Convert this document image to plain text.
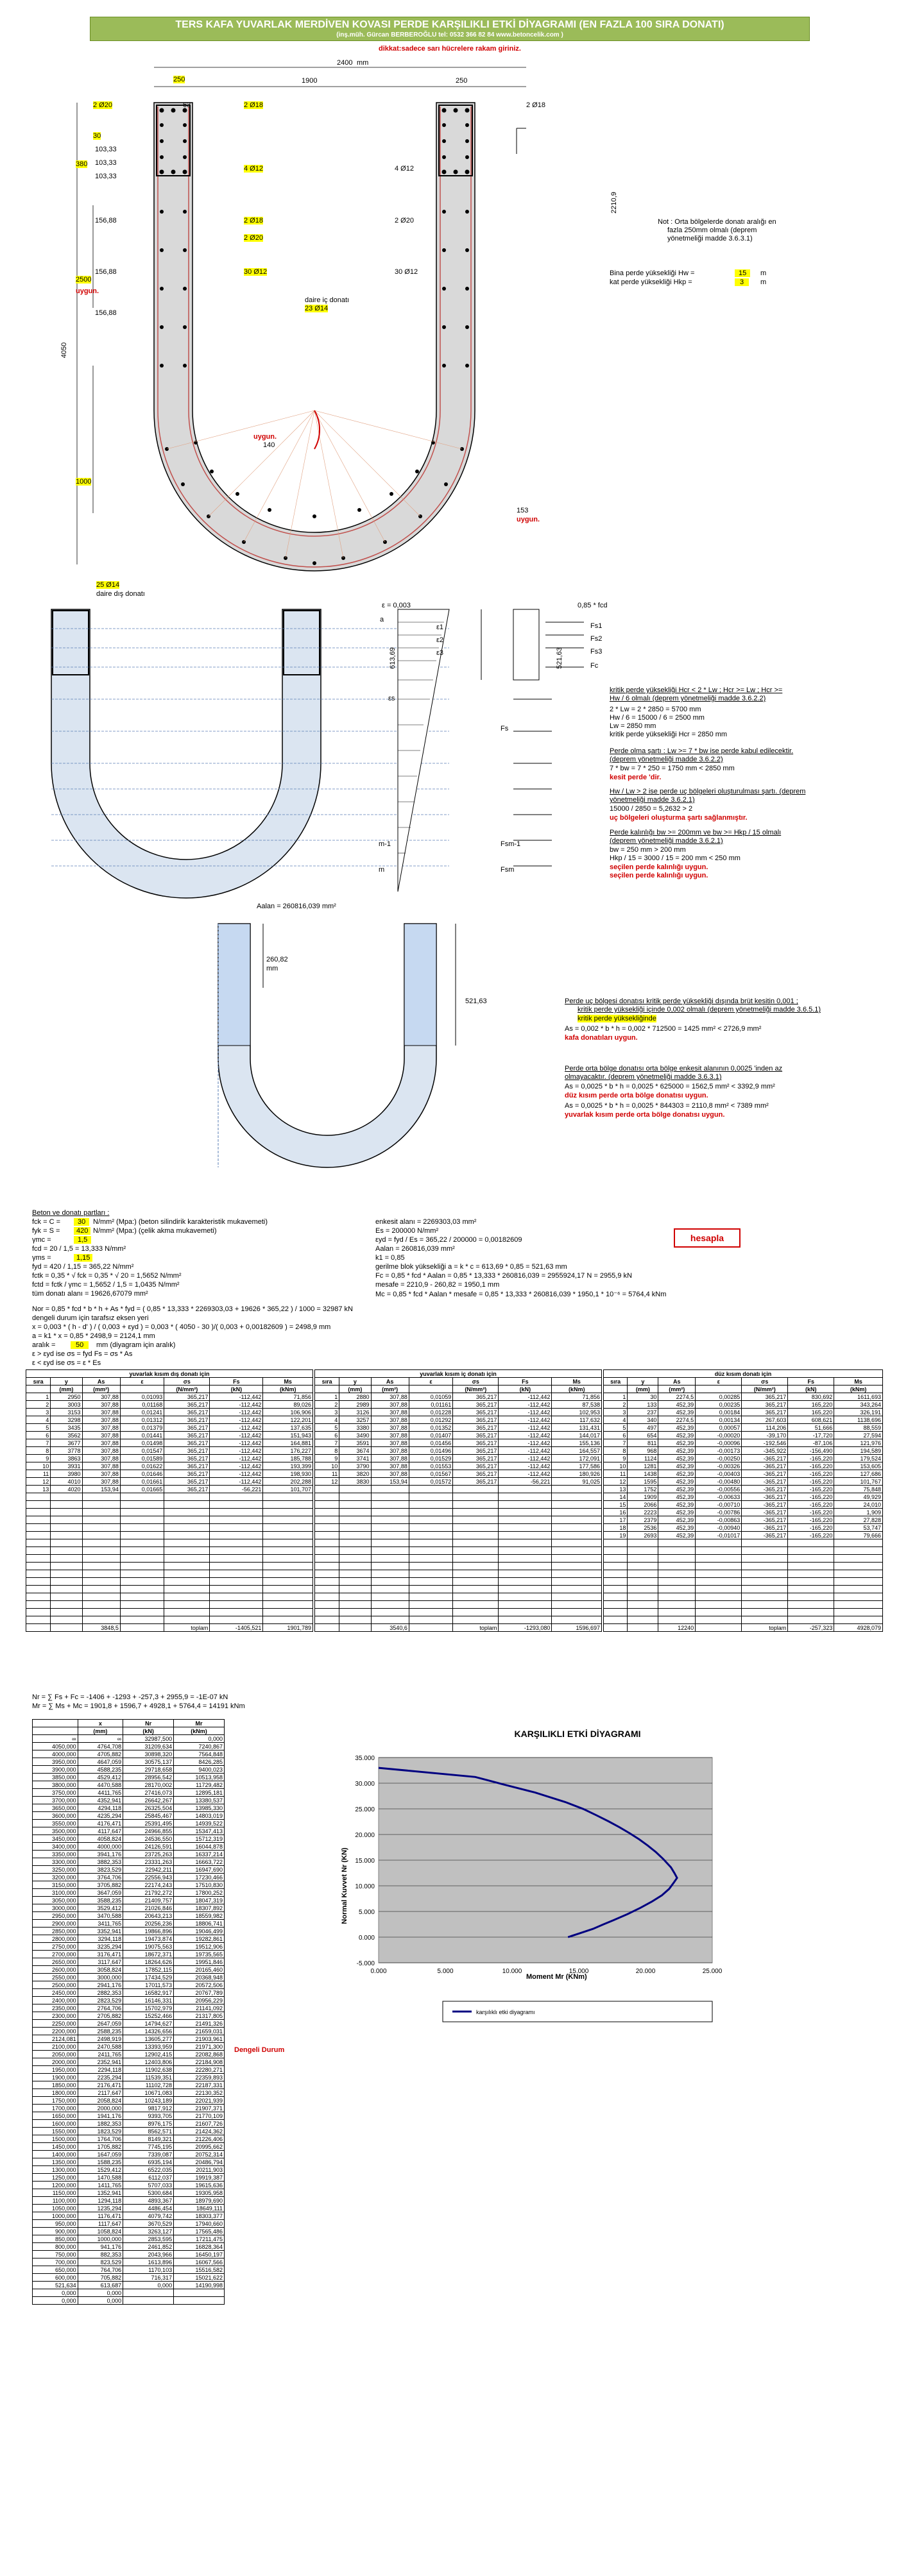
TERS KAFA YUVARLAK MERDİVEN KOVASI PERDE KARŞILIKLI ETKİ DİYAGRAMI (EN FAZLA 100 SIRA DONATI)
(inş.müh. Gürcan BERBEROĞLU tel: 0532 366 82 84 www.betoncelik.com )
dikkat:sadece sarı hücrelere rakam giriniz.
2400 mm
250	1900	250
2 Ø20	63	2 Ø18	2 Ø18
30
103,33
103,33
103,33
380
4 Ø12	4 Ø12
156,88	2 Ø18
2 Ø20
2 Ø20
156,88	30 Ø12	30 Ø12
2500
uygun.
156,88
daire iç donatı
23 Ø14
4050
2210,9
uygun.
140
1000
153
uygun.
25 Ø14
daire dış donatı
Not : Orta bölgelerde donatı aralığı en
fazla 250mm olmalı (deprem
yönetmeliği madde 3.6.3.1)
Bina perde yüksekliği Hw =	15	m
kat perde yüksekliği Hkp =	3	m
ε = 0,003	0,85 * fcd
ε1
ε2
ε3
a
613,69	521,63
Fs1
Fs2
Fs3
Fc
εs
Fs
m-1
m
Fsm-1
Fsm
kritik perde yüksekliği Hcr < 2 * Lw ; Hcr >= Lw ; Hcr >=
Hw / 6 olmalı (deprem yönetmeliği madde 3.6.2.2)
2 * Lw = 2 * 2850 = 5700 mm
Hw / 6 = 15000 / 6 = 2500 mm
Lw = 2850 mm
kritik perde yüksekliği Hcr = 2850 mm
Perde olma şartı : Lw >= 7 * bw ise perde kabul edilecektir.
(deprem yönetmeliği madde 3.6.2.2)
7 * bw = 7 * 250 = 1750 mm < 2850 mm
kesit perde 'dir.
Hw / Lw > 2 ise perde uç bölgeleri oluşturulması şartı. (deprem
yönetmeliği madde 3.6.2.1)
15000 / 2850 = 5,2632 > 2
uç bölgeleri oluşturma şartı sağlanmıştır.
Perde kalınlığı bw >= 200mm ve bw >= Hkp / 15 olmalı
(deprem yönetmeliği madde 3.6.2.1)
bw = 250 mm > 200 mm
Hkp / 15 = 3000 / 15 = 200 mm < 250 mm
seçilen perde kalınlığı uygun.
seçilen perde kalınlığı uygun.
Aalan = 260816,039 mm²
260,82
mm
521,63	Perde uç bölgesi donatısı kritik perde yüksekliği dışında brüt kesitin 0,001 ;
kritik perde yüksekliği içinde 0,002 olmalı (deprem yönetmeliği madde 3.6.5.1)
kritik perde yüksekliğinde
As = 0,002 * b * h = 0,002 * 712500 = 1425 mm² < 2726,9 mm²
kafa donatıları uygun.
Perde orta bölge donatısı orta bölge enkesit alanının 0,0025 'inden az
olmayacaktır. (deprem yönetmeliği madde 3.6.3.1)
As = 0,0025 * b * h = 0,0025 * 625000 = 1562,5 mm² < 3392,9 mm²
düz kısım perde orta bölge donatısı uygun.
As = 0,0025 * b * h = 0,0025 * 844303 = 2110,8 mm² < 7389 mm²
yuvarlak kısım perde orta bölge donatısı uygun.
Beton ve donatı partları :
fck = C =	30	N/mm² (Mpa:) (beton silindirik karakteristik mukavemeti)
fyk = S =	420 N/mm² (Mpa:) (çelik akma mukavemeti)
γmc =	1,5
fcd = 20 / 1,5 = 13,333 N/mm²
γms =	1,15
fyd = 420 / 1,15 = 365,22 N/mm²
fctk = 0,35 * √ fck = 0,35 * √ 20 = 1,5652 N/mm²
fctd = fctk / γmc = 1,5652 / 1,5 = 1,0435 N/mm²
tüm donatı alanı = 19626,67079 mm²
enkesit alanı = 2269303,03 mm²
Es = 200000 N/mm²
εyd = fyd / Es = 365,22 / 200000 = 0,00182609
Aalan = 260816,039 mm²
k1 = 0,85
gerilme blok yüksekliği a = k * c = 613,69 * 0,85 = 521,63 mm
Fc = 0,85 * fcd * Aalan = 0,85 * 13,333 * 260816,039 = 2955924,17 N = 2955,9 kN
mesafe = 2210,9 - 260,82 = 1950,1 mm
Mc = 0,85 * fcd * Aalan * mesafe = 0,85 * 13,333 * 260816,039 * 1950,1 * 10⁻⁶ = 5764,4 kNm
hesapla
Nor = 0,85 * fcd * b * h + As * fyd = ( 0,85 * 13,333 * 2269303,03 + 19626 * 365,22 ) / 1000 = 32987 kN
dengeli durum için tarafsız eksen yeri
x = 0,003 * ( h - d' ) / ( 0,003 + εyd ) = 0,003 * ( 4050 - 30 )/( 0,003 + 0,00182609 ) = 2498,9 mm
a = k1 * x = 0,85 * 2498,9 = 2124,1 mm
aralık =	50	mm (diyagram için aralık)
ε > εyd ise σs = fyd Fs = σs * As
ε < εyd ise σs = ε * Es
yuvarlak kısım dış donatı için						
sıra	y	As	ε	σs	Fs	Ms
	(mm)	(mm²)		(N/mm²)	(kN)	(kNm)
1	2950	307,88	0,01093	365,217	-112,442	71,856
2	3003	307,88	0,01168	365,217	-112,442	89,026
3	3153	307,88	0,01241	365,217	-112,442	106,906
4	3298	307,88	0,01312	365,217	-112,442	122,201
5	3435	307,88	0,01379	365,217	-112,442	137,635
6	3562	307,88	0,01441	365,217	-112,442	151,943
7	3677	307,88	0,01498	365,217	-112,442	164,881
8	3778	307,88	0,01547	365,217	-112,442	176,227
9	3863	307,88	0,01589	365,217	-112,442	185,788
10	3931	307,88	0,01622	365,217	-112,442	193,399
11	3980	307,88	0,01646	365,217	-112,442	198,930
12	4010	307,88	0,01661	365,217	-112,442	202,288
13	4020	153,94	0,01665	365,217	-56,221	101,707

		3848,5		toplam	-1405,521	1901,789
yuvarlak kısım iç donatı için						
sıra	y	As	ε	σs	Fs	Ms
	(mm)	(mm²)		(N/mm²)	(kN)	(kNm)
1	2880	307,88	0,01059	365,217	-112,442	71,856
2	2989	307,88	0,01161	365,217	-112,442	87,538
3	3126	307,88	0,01228	365,217	-112,442	102,953
4	3257	307,88	0,01292	365,217	-112,442	117,632
5	3380	307,88	0,01352	365,217	-112,442	131,431
6	3490	307,88	0,01407	365,217	-112,442	144,017
7	3591	307,88	0,01456	365,217	-112,442	155,136
8	3674	307,88	0,01496	365,217	-112,442	164,557
9	3741	307,88	0,01529	365,217	-112,442	172,091
10	3790	307,88	0,01553	365,217	-112,442	177,586
11	3820	307,88	0,01567	365,217	-112,442	180,926
12	3830	153,94	0,01572	365,217	-56,221	91,025

		3540,6		toplam	-1293,080	1596,697
düz kısım donatı için						
sıra	y	As	ε	σs	Fs	Ms
	(mm)	(mm²)		(N/mm²)	(kN)	(kNm)
1	30	2274,5	0,00285	365,217	830,692	1611,693
2	133	452,39	0,00235	365,217	165,220	343,264
3	237	452,39	0,00184	365,217	165,220	326,191
4	340	2274,5	0,00134	267,603	608,621	1138,696
5	497	452,39	0,00057	114,206	51,666	88,559
6	654	452,39	-0,00020	-39,170	-17,720	27,594
7	811	452,39	-0,00096	-192,546	-87,106	121,976
8	968	452,39	-0,00173	-345,922	-156,490	194,589
9	1124	452,39	-0,00250	-365,217	-165,220	179,524
10	1281	452,39	-0,00326	-365,217	-165,220	153,605
11	1438	452,39	-0,00403	-365,217	-165,220	127,686
12	1595	452,39	-0,00480	-365,217	-165,220	101,767
13	1752	452,39	-0,00556	-365,217	-165,220	75,848
14	1909	452,39	-0,00633	-365,217	-165,220	49,929
15	2066	452,39	-0,00710	-365,217	-165,220	24,010
16	2223	452,39	-0,00786	-365,217	-165,220	1,909
17	2379	452,39	-0,00863	-365,217	-165,220	27,828
18	2536	452,39	-0,00940	-365,217	-165,220	53,747
19	2693	452,39	-0,01017	-365,217	-165,220	79,666

		12240		toplam	-257,323	4928,079
Nr = ∑ Fs + Fc = -1406 + -1293 + -257,3 + 2955,9 = -1E-07 kN
Mr = ∑ Ms + Mc = 1901,8 + 1596,7 + 4928,1 + 5764,4 = 14191 kNm
	x	Nr	Mr
	(mm)	(kN)	(kNm)
∞	∞	32987,500	0,000
4050,000	4764,708	31209,634	7240,867
4000,000	4705,882	30898,320	7564,848
3950,000	4647,059	30575,137	8426,285
3900,000	4588,235	29718,658	9400,023
3850,000	4529,412	28956,542	10513,958
3800,000	4470,588	28170,002	11729,482
3750,000	4411,765	27416,073	12895,181
3700,000	4352,941	26642,267	13380,537
3650,000	4294,118	26325,504	13985,330
3600,000	4235,294	25845,467	14803,019
3550,000	4176,471	25391,495	14939,522
3500,000	4117,647	24966,855	15347,413
3450,000	4058,824	24536,550	15712,319
3400,000	4000,000	24126,591	16044,878
3350,000	3941,176	23725,263	16337,214
3300,000	3882,353	23331,263	16663,722
3250,000	3823,529	22942,211	16947,690
3200,000	3764,706	22556,943	17230,466
3150,000	3705,882	22174,243	17510,830
3100,000	3647,059	21792,272	17800,252
3050,000	3588,235	21409,757	18047,319
3000,000	3529,412	21026,846	18307,892
2950,000	3470,588	20643,213	18559,982
2900,000	3411,765	20256,236	18806,741
2850,000	3352,941	19866,896	19046,499
2800,000	3294,118	19473,874	19282,861
2750,000	3235,294	19075,563	19512,906
2700,000	3176,471	18672,371	19735,565
2650,000	3117,647	18264,626	19951,846
2600,000	3058,824	17852,115	20165,460
2550,000	3000,000	17434,529	20368,948
2500,000	2941,176	17011,573	20572,506
2450,000	2882,353	16582,917	20767,789
2400,000	2823,529	16146,331	20956,229
2350,000	2764,706	15702,979	21141,092
2300,000	2705,882	15252,466	21317,805
2250,000	2647,059	14794,627	21491,326
2200,000	2588,235	14326,656	21659,031
2124,081	2498,919	13605,277	21903,961
2100,000	2470,588	13393,959	21971,300
2050,000	2411,765	12902,415	22082,868
2000,000	2352,941	12403,806	22184,908
1950,000	2294,118	11902,638	22280,271
1900,000	2235,294	11539,351	22359,893
1850,000	2176,471	11102,728	22187,331
1800,000	2117,647	10671,083	22130,352
1750,000	2058,824	10243,189	22021,939
1700,000	2000,000	9817,912	21907,371
1650,000	1941,176	9393,705	21770,109
1600,000	1882,353	8976,175	21607,726
1550,000	1823,529	8562,571	21424,362
1500,000	1764,706	8149,321	21226,406
1450,000	1705,882	7745,195	20995,662
1400,000	1647,059	7339,087	20752,314
1350,000	1588,235	6935,194	20486,794
1300,000	1529,412	6522,035	20211,903
1250,000	1470,588	6112,037	19919,387
1200,000	1411,765	5707,033	19615,636
1150,000	1352,941	5300,684	19305,958
1100,000	1294,118	4893,367	18979,690
1050,000	1235,294	4486,454	18649,111
1000,000	1176,471	4079,742	18303,377
950,000	1117,647	3670,529	17940,660
900,000	1058,824	3263,127	17565,486
850,000	1000,000	2853,595	17211,475
800,000	941,176	2461,852	16828,364
750,000	882,353	2043,966	16450,197
700,000	823,529	1613,896	16067,566
650,000	764,706	1170,103	15516,582
600,000	705,882	716,317	15021,622
521,634	613,687	0,000	14190,998
0,000	0,000		
0,000	0,000		
Dengeli Durum
KARŞILIKLI ETKİ DİYAGRAMI
35.000
30.000
25.000
20.000
15.000
10.000
5.000
0.000
-5.000
0.000	5.000	10.000	15.000	20.000	25.000
Moment Mr (KNm)
Normal Kuvvet Nr (KN)
karşılıklı etki diyagramı
